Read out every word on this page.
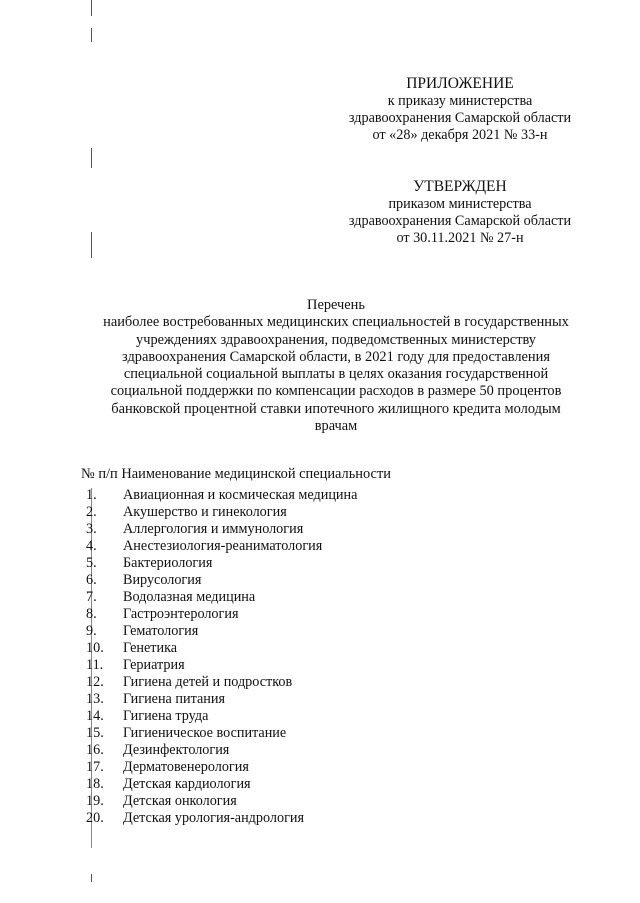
ПРИЛОЖЕНИЕ
к приказу министерства
здравоохранения Самарской области
от «28» декабря 2021 № 33-н
УТВЕРЖДЕН
приказом министерства
здравоохранения Самарской области
от 30.11.2021 № 27-н
Перечень
наиболее востребованных медицинских специальностей в государственных
учреждениях здравоохранения, подведомственных министерству
здравоохранения Самарской области, в 2021 году для предоставления
специальной социальной выплаты в целях оказания государственной
социальной поддержки по компенсации расходов в размере 50 процентов
банковской процентной ставки ипотечного жилищного кредита молодым
врачам
№ п/п Наименование медицинской специальности
1.	Авиационная и космическая медицина
2.	Акушерство и гинекология
3.	Аллергология и иммунология
4.	Анестезиология-реаниматология
5.	Бактериология
6.	Вирусология
7.	Водолазная медицина
8.	Гастроэнтерология
9.	Гематология
10.	Генетика
11.	Гериатрия
12.	Гигиена детей и подростков
13.	Гигиена питания
14.	Гигиена труда
15.	Гигиеническое воспитание
16.	Дезинфектология
17.	Дерматовенерология
18.	Детская кардиология
19.	Детская онкология
20.	Детская урология-андрология
